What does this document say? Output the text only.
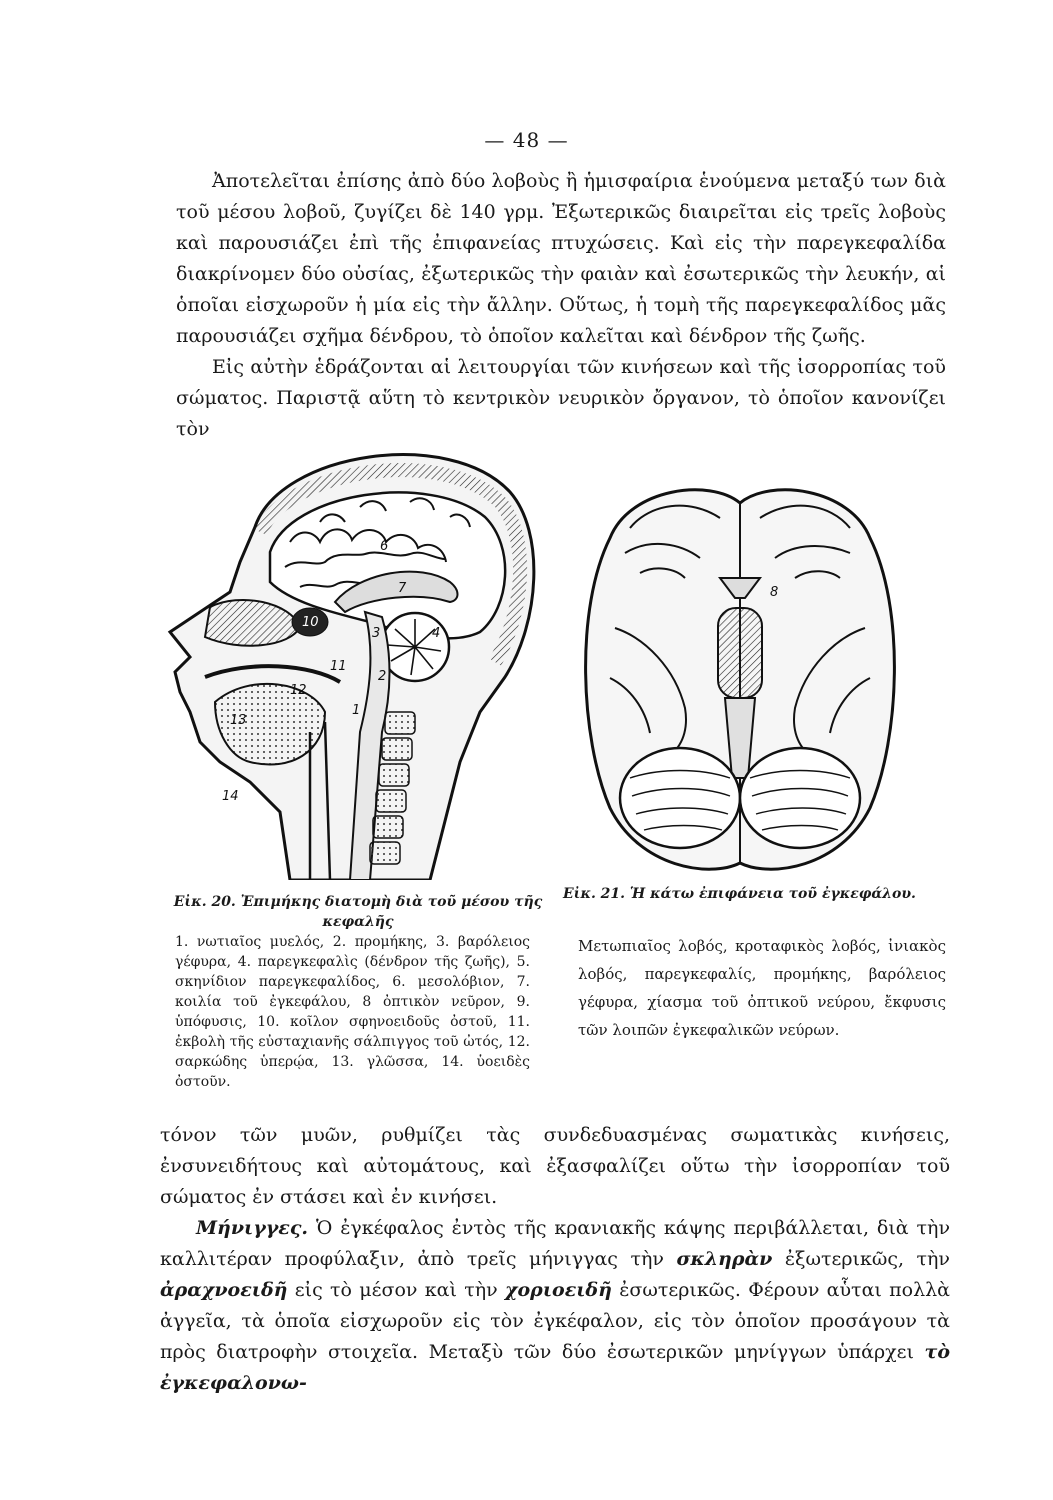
— 48 —

Ἀποτελεῖται ἐπίσης ἀπὸ δύο λοβοὺς ἢ ἡμισφαίρια ἑνούμενα μεταξύ των διὰ τοῦ μέσου λοβοῦ, ζυγίζει δὲ 140 γρμ. Ἐξωτερικῶς διαιρεῖται εἰς τρεῖς λοβοὺς καὶ παρουσιάζει ἐπὶ τῆς ἐπιφανείας πτυχώσεις. Καὶ εἰς τὴν παρεγκεφαλίδα διακρίνομεν δύο οὐσίας, ἐξωτερικῶς τὴν φαιὰν καὶ ἐσωτερικῶς τὴν λευκήν, αἱ ὁποῖαι εἰσχωροῦν ἡ μία εἰς τὴν ἄλλην. Οὕτως, ἡ τομὴ τῆς παρεγκεφαλίδος μᾶς παρουσιάζει σχῆμα δένδρου, τὸ ὁποῖον καλεῖται καὶ δένδρον τῆς ζωῆς.

Εἰς αὐτὴν ἑδράζονται αἱ λειτουργίαι τῶν κινήσεων καὶ τῆς ἰσορροπίας τοῦ σώματος. Παριστᾷ αὕτη τὸ κεντρικὸν νευρικὸν ὄργανον, τὸ ὁποῖον κανονίζει τὸν

1
2
3	4
6
7
10
11
12
13
14
8
Εἰκ. 20. Ἐπιμήκης διατομὴ διὰ τοῦ μέσου τῆς κεφαλῆς
1. νωτιαῖος μυελός, 2. προμήκης, 3. βαρόλειος γέφυρα, 4. παρεγκεφαλὶς (δένδρον τῆς ζωῆς), 5. σκηνίδιον παρεγκεφαλίδος, 6. μεσολόβιον, 7. κοιλία τοῦ ἐγκεφάλου, 8 ὀπτικὸν νεῦρον, 9. ὑπόφυσις, 10. κοῖλον σφηνοειδοῦς ὀστοῦ, 11. ἐκβολὴ τῆς εὐσταχιανῆς σάλπιγγος τοῦ ὠτός, 12. σαρκώδης ὑπερῴα, 13. γλῶσσα, 14. ὑοειδὲς ὀστοῦν.
Εἰκ. 21. Ἡ κάτω ἐπιφάνεια τοῦ ἐγκεφάλου.
Μετωπιαῖος λοβός, κροταφικὸς λοβός, ἰνιακὸς λοβός, παρεγκεφαλίς, προμήκης, βαρόλειος γέφυρα, χίασμα τοῦ ὀπτικοῦ νεύρου, ἔκφυσις τῶν λοιπῶν ἐγκεφαλικῶν νεύρων.

τόνον τῶν μυῶν, ρυθμίζει τὰς συνδεδυασμένας σωματικὰς κινήσεις, ἐνσυνειδήτους καὶ αὐτομάτους, καὶ ἐξασφαλίζει οὕτω τὴν ἰσορροπίαν τοῦ σώματος ἐν στάσει καὶ ἐν κινήσει.

Μήνιγγες. Ὁ ἐγκέφαλος ἐντὸς τῆς κρανιακῆς κάψης περιβάλλεται, διὰ τὴν καλλιτέραν προφύλαξιν, ἀπὸ τρεῖς μήνιγγας τὴν σκληρὰν ἐξωτερικῶς, τὴν ἀραχνοειδῆ εἰς τὸ μέσον καὶ τὴν χοριοειδῆ ἐσωτερικῶς. Φέρουν αὗται πολλὰ ἀγγεῖα, τὰ ὁποῖα εἰσχωροῦν εἰς τὸν ἐγκέφαλον, εἰς τὸν ὁποῖον προσάγουν τὰ πρὸς διατροφὴν στοιχεῖα. Μεταξὺ τῶν δύο ἐσωτερικῶν μηνίγγων ὑπάρχει τὸ ἐγκεφαλονω-
